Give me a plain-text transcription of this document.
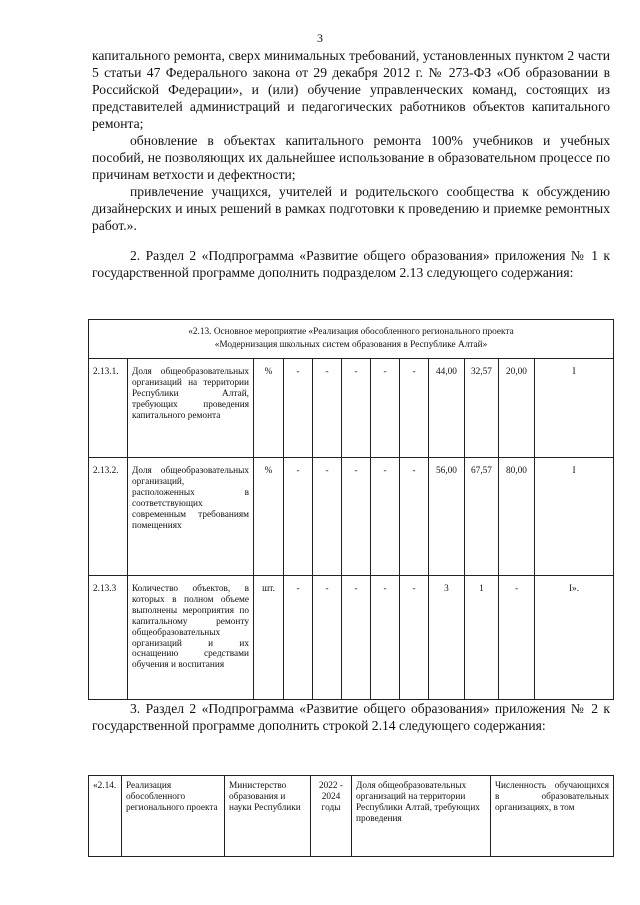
3

капитального ремонта, сверх минимальных требований, установленных пунктом 2 части 5 статьи 47 Федерального закона от 29 декабря 2012 г. № 273-ФЗ «Об образовании в Российской Федерации», и (или) обучение управленческих команд, состоящих из представителей администраций и педагогических работников объектов капитального ремонта;

обновление в объектах капитального ремонта 100% учебников и учебных пособий, не позволяющих их дальнейшее использование в образовательном процессе по причинам ветхости и дефектности;

привлечение учащихся, учителей и родительского сообщества к обсуждению дизайнерских и иных решений в рамках подготовки к проведению и приемке ремонтных работ.».

2. Раздел 2 «Подпрограмма «Развитие общего образования» приложения № 1 к государственной программе дополнить подразделом 2.13 следующего содержания:

«2.13. Основное мероприятие «Реализация обособленного регионального проекта
«Модернизация школьных систем образования в Республике Алтай»											

2.13.1.	Доля общеобразовательных организаций на территории Республики Алтай, требующих проведения капитального ремонта	%	-	-	-	-	-	44,00	32,57	20,00	I
2.13.2.	Доля общеобразовательных организаций, расположенных в соответствующих современным требованиям помещениях	%	-	-	-	-	-	56,00	67,57	80,00	I
2.13.3	Количество объектов, в которых в полном объеме выполнены мероприятия по капитальному ремонту общеобразовательных организаций и их оснащению средствами обучения и воспитания	шт.	-	-	-	-	-	3	1	-	I».

3. Раздел 2 «Подпрограмма «Развитие общего образования» приложения № 2 к государственной программе дополнить строкой 2.14 следующего содержания:

«2.14.	Реализация обособленного регионального проекта	Министерство образования и науки Республики	2022 - 2024 годы	Доля общеобразовательных организаций на территории Республики Алтай, требующих проведения	Численность обучающихся в образовательных организациях, в том
